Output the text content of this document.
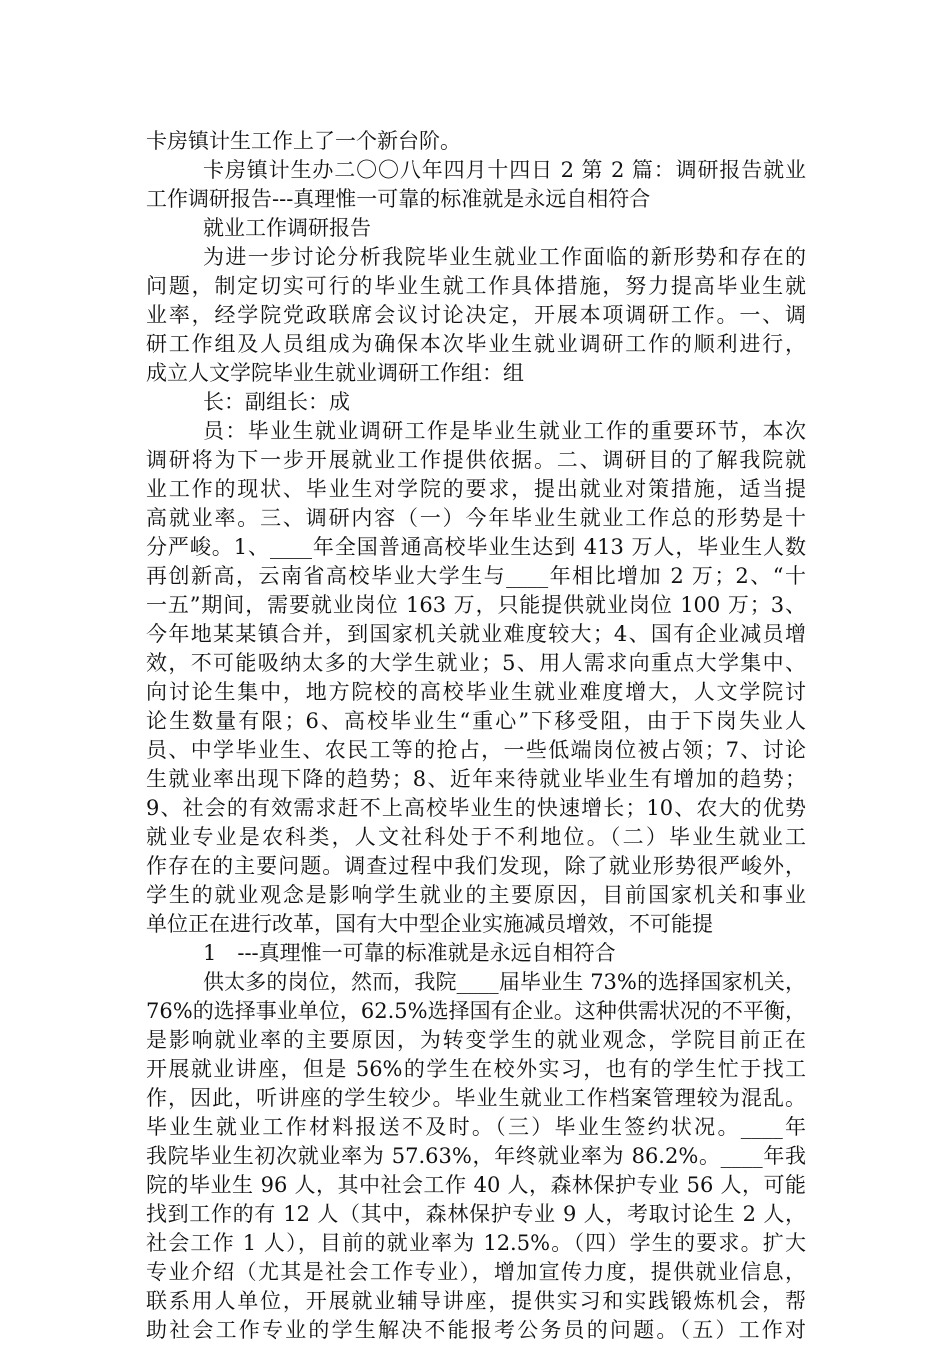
卡房镇计生工作上了一个新台阶。
卡房镇计生办二〇〇八年四月十四日 2 第 2 篇：调研报告就业
工作调研报告---真理惟一可靠的标准就是永远自相符合
就业工作调研报告
为进一步讨论分析我院毕业生就业工作面临的新形势和存在的
问题，制定切实可行的毕业生就工作具体措施，努力提高毕业生就
业率，经学院党政联席会议讨论决定，开展本项调研工作。一、调
研工作组及人员组成为确保本次毕业生就业调研工作的顺利进行，
成立人文学院毕业生就业调研工作组：组
长：副组长：成
员：毕业生就业调研工作是毕业生就业工作的重要环节，本次
调研将为下一步开展就业工作提供依据。二、调研目的了解我院就
业工作的现状、毕业生对学院的要求，提出就业对策措施，适当提
高就业率。三、调研内容（一）今年毕业生就业工作总的形势是十
分严峻。1、____年全国普通高校毕业生达到 413 万人，毕业生人数
再创新高，云南省高校毕业大学生与____年相比增加 2 万；2、“十
一五”期间，需要就业岗位 163 万，只能提供就业岗位 100 万；3、
今年地某某镇合并，到国家机关就业难度较大；4、国有企业减员增
效，不可能吸纳太多的大学生就业；5、用人需求向重点大学集中、
向讨论生集中，地方院校的高校毕业生就业难度增大，人文学院讨
论生数量有限；6、高校毕业生“重心”下移受阻，由于下岗失业人
员、中学毕业生、农民工等的抢占，一些低端岗位被占领；7、讨论
生就业率出现下降的趋势；8、近年来待就业毕业生有增加的趋势；
9、社会的有效需求赶不上高校毕业生的快速增长；10、农大的优势
就业专业是农科类，人文社科处于不利地位。（二）毕业生就业工
作存在的主要问题。调查过程中我们发现，除了就业形势很严峻外，
学生的就业观念是影响学生就业的主要原因，目前国家机关和事业
单位正在进行改革，国有大中型企业实施减员增效，不可能提
1　---真理惟一可靠的标准就是永远自相符合
供太多的岗位，然而，我院____届毕业生 73%的选择国家机关，
76%的选择事业单位，62.5%选择国有企业。这种供需状况的不平衡，
是影响就业率的主要原因，为转变学生的就业观念，学院目前正在
开展就业讲座，但是 56%的学生在校外实习，也有的学生忙于找工
作，因此，听讲座的学生较少。毕业生就业工作档案管理较为混乱。
毕业生就业工作材料报送不及时。（三）毕业生签约状况。____年
我院毕业生初次就业率为 57.63%，年终就业率为 86.2%。____年我
院的毕业生 96 人，其中社会工作 40 人，森林保护专业 56 人，可能
找到工作的有 12 人（其中，森林保护专业 9 人，考取讨论生 2 人，
社会工作 1 人），目前的就业率为 12.5%。（四）学生的要求。扩大
专业介绍（尤其是社会工作专业），增加宣传力度，提供就业信息，
联系用人单位，开展就业辅导讲座，提供实习和实践锻炼机会，帮
助社会工作专业的学生解决不能报考公务员的问题。（五）工作对
